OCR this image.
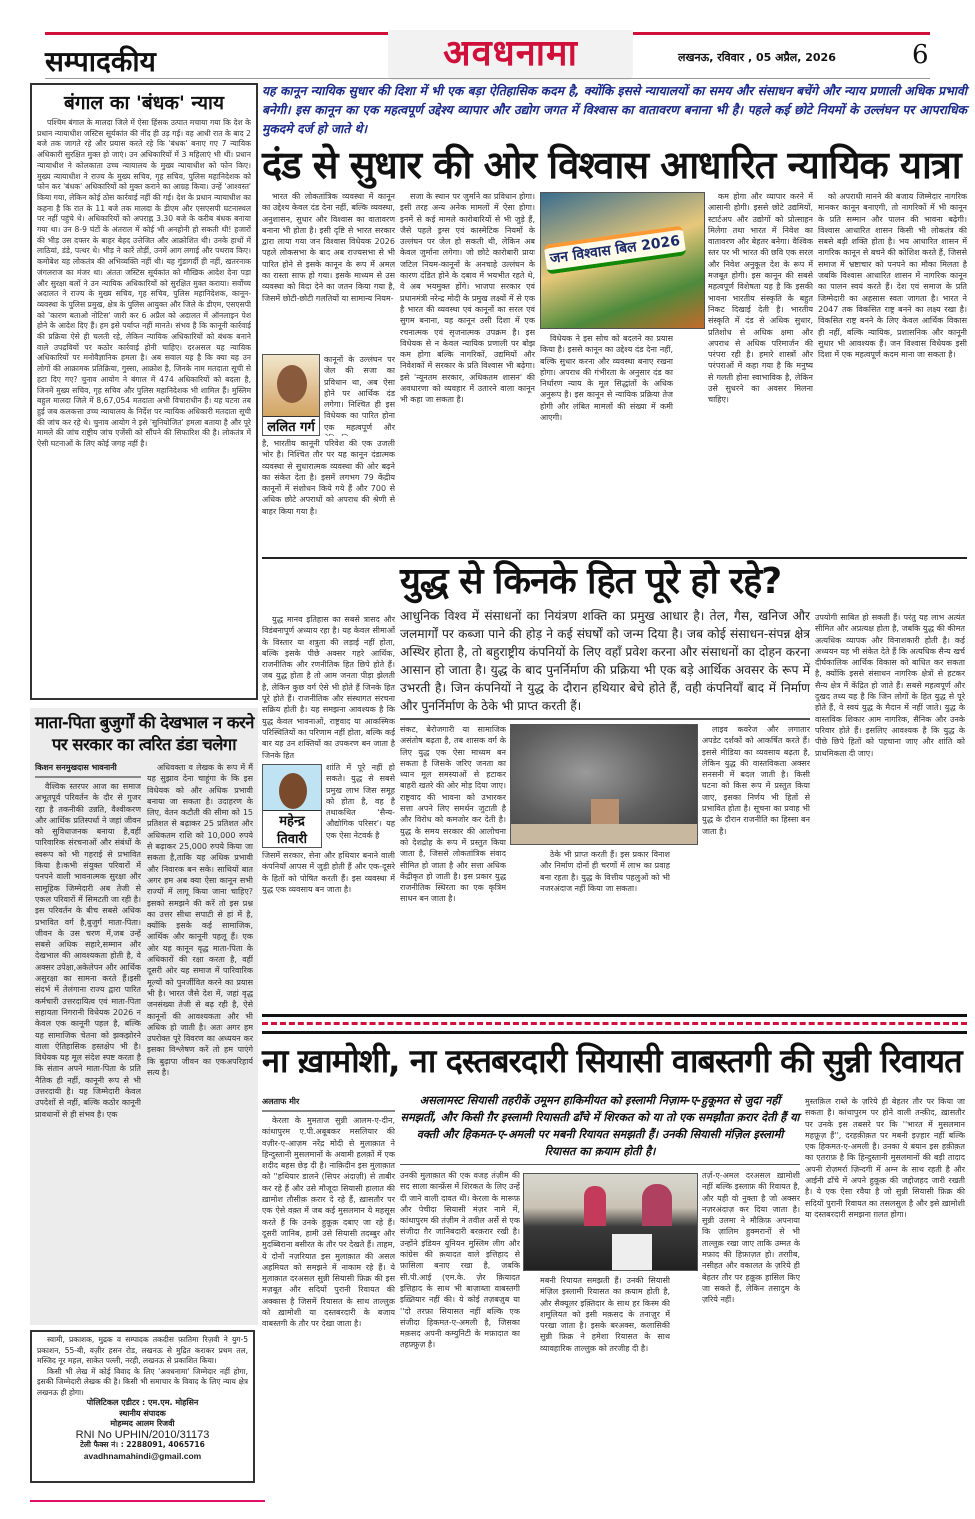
सम्पादकीय	अवधनामा	लखनऊ, रविवार , 05 अप्रैल, 2026	6
बंगाल का 'बंधक' न्याय

पश्चिम बंगाल के मालदा जिले में ऐसा हिंसक उत्पात मचाया गया कि देश के प्रधान न्यायाधीश जस्टिस सूर्यकांत की नींद ही उड़ गई। वह आधी रात के बाद 2 बजे तक जागते रहे और प्रयास करते रहे कि 'बंधक' बनाए गए 7 न्यायिक अधिकारी सुरक्षित मुक्त हो जाएं। उन अधिकारियों में 3 महिलाएं भी थीं। प्रधान न्यायाधीश ने कोलकाता उच्च न्यायालय के मुख्य न्यायाधीश को फोन किए। मुख्य न्यायाधीश ने राज्य के मुख्य सचिव, गृह सचिव, पुलिस महानिदेशक को फोन कर 'बंधक' अधिकारियों को मुक्त कराने का आग्रह किया। उन्हें 'आश्वस्त' किया गया, लेकिन कोई ठोस कार्रवाई नहीं की गई। देश के प्रधान न्यायाधीश का कहना है कि रात के 11 बजे तक मालदा के डीएम और एसएसपी घटनास्थल पर नहीं पहुंचे थे। अधिकारियों को अपराह्न 3.30 बजे के करीब बंधक बनाया गया था। उन 8-9 घंटों के अंतराल में कोई भी अनहोनी हो सकती थी! हजारों की भीड़ उस दफ्तर के बाहर बेहद उत्तेजित और आक्रोशित थी। उनके हाथों में लाठियां, डंडे, पत्थर थे। भीड़ ने कारें तोड़ीं, उनमें आग लगाई और पथराव किए। कमोबेश यह लोकतंत्र की अभिव्यक्ति नहीं थी। यह गुंडागर्दी ही नहीं, खतरनाक जंगलराज का मंजर था। अंततः जस्टिस सूर्यकांत को मौखिक आदेश देना पड़ा और सुरक्षा बलों ने उन न्यायिक अधिकारियों को सुरक्षित मुक्त कराया। सर्वोच्च अदालत ने राज्य के मुख्य सचिव, गृह सचिव, पुलिस महानिदेशक, कानून-व्यवस्था के पुलिस प्रमुख, क्षेत्र के पुलिस आयुक्त और जिले के डीएम, एसएसपी को 'कारण बताओ नोटिस' जारी कर 6 अप्रैल को अदालत में ऑनलाइन पेश होने के आदेश दिए हैं। हम इसे पर्याप्त नहीं मानते। संभव है कि कानूनी कार्रवाई की प्रक्रिया ऐसे ही चलती रहे, लेकिन न्यायिक अधिकारियों को बंधक बनाने वाले उपद्रवियों पर कठोर कार्रवाई होनी चाहिए। दरअसल यह न्यायिक अधिकारियों पर मनोवैज्ञानिक हमला है। अब सवाल यह है कि क्या यह उन लोगों की आक्रामक प्रतिक्रिया, गुस्सा, आक्रोश है, जिनके नाम मतदाता सूची से हटा दिए गए? चुनाव आयोग ने बंगाल में 474 अधिकारियों को बदला है, जिनमें मुख्य सचिव, गृह सचिव और पुलिस महानिदेशक भी शामिल हैं। मुस्लिम बहुल मालदा जिले में 8,67,054 मतदाता अभी विचाराधीन हैं। यह घटना तब हुई जब कलकत्ता उच्च न्यायालय के निर्देश पर न्यायिक अधिकारी मतदाता सूची की जांच कर रहे थे। चुनाव आयोग ने इसे 'सुनियोजित' हमला बताया है और पूरे मामले की जांच राष्ट्रीय जांच एजेंसी को सौंपने की सिफारिश की है। लोकतंत्र में ऐसी घटनाओं के लिए कोई जगह नहीं है।

माता-पिता बुजुर्गों की देखभाल न करने
पर सरकार का त्वरित डंडा चलेगा
किशन सनमुखदास भावनानी

वैश्विक स्तरपर आज का समाज अभूतपूर्व परिवर्तन के दौर से गुजर रहा है तकनीकी उन्नति, वैश्वीकरण और आर्थिक प्रतिस्पर्धा ने जहां जीवन को सुविधाजनक बनाया है,वहीं पारिवारिक संरचनाओं और संबंधों के स्वरूप को भी गहराई से प्रभावित किया है।कभी संयुक्त परिवारों में पनपने वाली भावनात्मक सुरक्षा और सामूहिक जिम्मेदारी अब तेजी से एकल परिवारों में सिमटती जा रही है। इस परिवर्तन के बीच सबसे अधिक प्रभावित वर्ग है,बुजुर्ग माता-पिता। जीवन के उस चरण में,जब उन्हें सबसे अधिक सहारे,सम्मान और देखभाल की आवश्यकता होती है, वे अक्सर उपेक्षा,अकेलेपन और आर्थिक असुरक्षा का सामना करते हैं।इसी संदर्भ में तेलंगाना राज्य द्वारा पारित कर्मचारी उत्तरदायित्व एवं माता-पिता सहायता निगरानी विधेयक 2026 न केवल एक कानूनी पहल है, बल्कि यह सामाजिक चेतना को झकझोरने वाला ऐतिहासिक हस्तक्षेप भी है। विधेयक यह मूल संदेश स्पष्ट करता है कि संतान अपने माता-पिता के प्रति नैतिक ही नहीं, कानूनी रूप से भी उत्तरदायी है। यह जिम्मेदारी केवल उपदेशों से नहीं, बल्कि कठोर कानूनी प्रावधानों से ही संभव है। एक

अधिवक्ता व लेखक के रूप में मैं यह सुझाव देना चाहूंगा के कि इस विधेयक को और अधिक प्रभावी बनाया जा सकता है। उदाहरण के लिए, वेतन कटौती की सीमा को 15 प्रतिशत से बढ़ाकर 25 प्रतिशत और अधिकतम राशि को 10,000 रुपये से बढ़ाकर 25,000 रुपये किया जा सकता है,ताकि यह अधिक प्रभावी और निवारक बन सके। साथियों बात अगर हम अब क्या ऐसा कानून सभी राज्यों में लागू किया जाना चाहिए? इसको समझने की करें तो इस प्रश्न का उत्तर सीधा सपाटी से हां में है, क्योंकि इसके कई सामाजिक, आर्थिक और कानूनी पहलू हैं। एक ओर यह कानून वृद्ध माता-पिता के अधिकारों की रक्षा करता है, वहीं दूसरी ओर यह समाज में पारिवारिक मूल्यों को पुनर्जीवित करने का प्रयास भी है। भारत जैसे देश में, जहां वृद्ध जनसंख्या तेजी से बढ़ रही है, ऐसे कानूनों की आवश्यकता और भी अधिक हो जाती है। अतः अगर हम उपरोक्त पूरे विवरण का अध्ययन कर इसका विश्लेषण करें तो हम पाएंगे कि बुढ़ापा जीवन का एकअपरिहार्य सत्य है।

स्वामी, प्रकाशक, मुद्रक व सम्पादक तकदीस फ़ातिमा रिज़वी ने युग-5 प्रकाशन, 55-बी, वज़ीर हसन रोड, लखनऊ से मुद्रित कराकर प्रथम तल, मस्जिद नूर महल, साकेत पल्ली, नरही, लखनऊ से प्रकाशित किया।

किसी भी लेख में कोई विवाद के लिए 'अवधनामा' जिम्मेदार नहीं होगा, इसकी जिम्मेदारी लेखक की है। किसी भी समाचार के विवाद के लिए न्याय क्षेत्र लखनऊ ही होगा।

पोलिटिकल एडीटर : एम.एम. मोहसिन
स्थानीय संपादक
मोहम्मद आलम रिजवी
RNI No UPHIN/2010/31173
टेली फैक्स नं। : 2288091, 4065716
avadhnamahindi@gmail.com
यह कानून न्यायिक सुधार की दिशा में भी एक बड़ा ऐतिहासिक कदम है, क्योंकि इससे न्यायालयों का समय और संसाधन बचेंगे और न्याय प्रणाली अधिक प्रभावी बनेगी। इस कानून का एक महत्वपूर्ण उद्देश्य व्यापार और उद्योग जगत में विश्वास का वातावरण बनाना भी है। पहले कई छोटे नियमों के उल्लंघन पर आपराधिक मुकदमे दर्ज हो जाते थे।
दंड से सुधार की ओर विश्वास आधारित न्यायिक यात्रा

भारत की लोकतांत्रिक व्यवस्था में कानून का उद्देश्य केवल दंड देना नहीं, बल्कि व्यवस्था, अनुशासन, सुधार और विश्वास का वातावरण बनाना भी होता है। इसी दृष्टि से भारत सरकार द्वारा लाया गया जन विश्वास विधेयक 2026 पहले लोकसभा के बाद अब राज्यसभा से भी पारित होने से इसके कानून के रूप में अमल का रास्ता साफ हो गया। इसके माध्यम से उस व्यवस्था को विदा देने का जतन किया गया है, जिसमें छोटी-छोटी गलतियों या सामान्य नियम-

ललित गर्ग

कानूनों के उल्लंघन पर जेल की सजा का प्रविधान था, अब ऐसा होने पर आर्थिक दंड लगेगा। निश्चित ही इस विधेयक का पारित होना एक महत्वपूर्ण और

है, भारतीय कानूनी परिवेश की एक उजली भोर है। निश्चित तौर पर यह कानून दंडात्मक व्यवस्था से सुधारात्मक व्यवस्था की ओर बढ़ने का संकेत देता है। इसमें लगभग 79 केंद्रीय कानूनों में संशोधन किये गये हैं और 700 से अधिक छोटे अपराधों को अपराध की श्रेणी से बाहर किया गया है।

सजा के स्थान पर जुर्माने का प्रविधान होगा। इसी तरह अन्य अनेक मामलों में ऐसा होगा। इनमें से कई मामले कारोबारियों से भी जुड़े हैं, जैसे पहले ड्रग्स एवं कास्मेटिक नियमों के उल्लंघन पर जेल हो सकती थी, लेकिन अब केवल जुर्माना लगेगा। जो छोटे कारोबारी प्रायः जटिल नियम-कानूनों के अनचाहे उल्लंघन के कारण दंडित होने के दबाव में भयभीत रहते थे, वे अब भयमुक्त होंगे। भाजपा सरकार एवं प्रधानमंत्री नरेन्द्र मोदी के प्रमुख लक्ष्यों में से एक है भारत की व्यवस्था एवं कानूनों का सरल एवं सुगम बनाना, यह कानून उसी दिशा में एक रचनात्मक एवं सृजनात्मक उपक्रम है। इस विधेयक से न केवल न्यायिक प्रणाली पर बोझ कम होगा बल्कि नागरिकों, उद्यमियों और निवेशकों में सरकार के प्रति विश्वास भी बढ़ेगा। इसे 'न्यूनतम सरकार, अधिकतम शासन' की अवधारणा को व्यवहार में उतारने वाला कानून भी कहा जा सकता है।

जन विश्वास बिल 2026

विधेयक ने इस सोच को बदलने का प्रयास किया है। इससे कानून का उद्देश्य दंड देना नहीं, बल्कि सुधार करना और व्यवस्था बनाए रखना होगा। अपराध की गंभीरता के अनुसार दंड का निर्धारण न्याय के मूल सिद्धांतों के अधिक अनुरूप है। इस कानून से न्यायिक प्रक्रिया तेज होगी और लंबित मामलों की संख्या में कमी आएगी।

कम होगा और व्यापार करने में आसानी होगी। इससे छोटे उद्यमियों, स्टार्टअप और उद्योगों को प्रोत्साहन मिलेगा तथा भारत में निवेश का वातावरण और बेहतर बनेगा। वैश्विक स्तर पर भी भारत की छवि एक सरल और निवेश अनुकूल देश के रूप में मजबूत होगी। इस कानून की सबसे महत्वपूर्ण विशेषता यह है कि इसकी भावना भारतीय संस्कृति के बहुत निकट दिखाई देती है। भारतीय संस्कृति में दंड से अधिक सुधार, प्रतिशोध से अधिक क्षमा और अपराध से अधिक परिमार्जन की परंपरा रही है। हमारे शास्त्रों और परंपराओं में कहा गया है कि मनुष्य से गलती होना स्वाभाविक है, लेकिन उसे सुधरने का अवसर मिलना चाहिए।

को अपराधी मानने की बजाय जिम्मेदार नागरिक मानकर कानून बनाएगी, तो नागरिकों में भी कानून के प्रति सम्मान और पालन की भावना बढ़ेगी। विश्वास आधारित शासन किसी भी लोकतंत्र की सबसे बड़ी शक्ति होता है। भय आधारित शासन में नागरिक कानून से बचने की कोशिश करते हैं, जिससे समाज में भ्रष्टाचार को पनपने का मौका मिलता है जबकि विश्वास आधारित शासन में नागरिक कानून का पालन स्वयं करते हैं। देश एवं समाज के प्रति जिम्मेदारी का अहसास स्वतः जागता है। भारत ने 2047 तक विकसित राष्ट्र बनने का लक्ष्य रखा है। विकसित राष्ट्र बनने के लिए केवल आर्थिक विकास ही नहीं, बल्कि न्यायिक, प्रशासनिक और कानूनी सुधार भी आवश्यक हैं। जन विश्वास विधेयक इसी दिशा में एक महत्वपूर्ण कदम माना जा सकता है।

युद्ध से किनके हित पूरे हो रहे?

युद्ध मानव इतिहास का सबसे त्रासद और विडंबनापूर्ण अध्याय रहा है। यह केवल सीमाओं के विस्तार या शत्रुता की लड़ाई नहीं होता, बल्कि इसके पीछे अक्सर गहरे आर्थिक, राजनीतिक और रणनीतिक हित छिपे होते हैं। जब युद्ध होता है तो आम जनता पीड़ा झेलती है, लेकिन कुछ वर्ग ऐसे भी होते हैं जिनके हित पूरे होते हैं। राजनीतिक और संस्थागत संरचना सक्रिय होती है। यह समझना आवश्यक है कि युद्ध केवल भावनाओं, राष्ट्रवाद या आकस्मिक परिस्थितियों का परिणाम नहीं होता, बल्कि कई बार यह उन शक्तियों का उपकरण बन जाता है जिनके हित

महेन्द्र तिवारी

शांति में पूरे नहीं हो सकते। युद्ध से सबसे प्रमुख लाभ जिस समूह को होता है, वह है तथाकथित 'सैन्य-औद्योगिक परिसर'। यह एक ऐसा नेटवर्क है

जिसमें सरकार, सेना और हथियार बनाने वाली कंपनियाँ आपस में जुड़ी होती हैं और एक-दूसरे के हितों को पोषित करती हैं। इस व्यवस्था में युद्ध एक व्यवसाय बन जाता है।

आधुनिक विश्व में संसाधनों का नियंत्रण शक्ति का प्रमुख आधार है। तेल, गैस, खनिज और जलमार्गों पर कब्जा पाने की होड़ ने कई संघर्षों को जन्म दिया है। जब कोई संसाधन-संपन्न क्षेत्र अस्थिर होता है, तो बहुराष्ट्रीय कंपनियों के लिए वहाँ प्रवेश करना और संसाधनों का दोहन करना आसान हो जाता है। युद्ध के बाद पुनर्निर्माण की प्रक्रिया भी एक बड़े आर्थिक अवसर के रूप में उभरती है। जिन कंपनियों ने युद्ध के दौरान हथियार बेचे होते हैं, वही कंपनियाँ बाद में निर्माण और पुनर्निर्माण के ठेके भी प्राप्त करती हैं।

संकट, बेरोजगारी या सामाजिक असंतोष बढ़ता है, तब शासक वर्ग के लिए युद्ध एक ऐसा माध्यम बन सकता है जिसके जरिए जनता का ध्यान मूल समस्याओं से हटाकर बाहरी खतरे की ओर मोड़ दिया जाए। राष्ट्रवाद की भावना को उभारकर सत्ता अपने लिए समर्थन जुटाती है और विरोध को कमजोर कर देती है। युद्ध के समय सरकार की आलोचना को देशद्रोह के रूप में प्रस्तुत किया जाता है, जिससे लोकतांत्रिक संवाद सीमित हो जाता है और सत्ता अधिक केंद्रीकृत हो जाती है। इस प्रकार युद्ध राजनीतिक स्थिरता का एक कृत्रिम साधन बन जाता है।

ठेके भी प्राप्त करती हैं। इस प्रकार विनाश और निर्माण दोनों ही चरणों में लाभ का प्रवाह बना रहता है। युद्ध के वित्तीय पहलुओं को भी नजरअंदाज नहीं किया जा सकता।

लाइव कवरेज और लगातार अपडेट दर्शकों को आकर्षित करते हैं। इससे मीडिया का व्यवसाय बढ़ता है, लेकिन युद्ध की वास्तविकता अक्सर सनसनी में बदल जाती है। किसी घटना को किस रूप में प्रस्तुत किया जाए, इसका निर्णय भी हितों से प्रभावित होता है। सूचना का प्रवाह भी युद्ध के दौरान राजनीति का हिस्सा बन जाता है।

उपयोगी साबित हो सकती हैं। परंतु यह लाभ अत्यंत सीमित और अप्रत्यक्ष होता है, जबकि युद्ध की कीमत अत्यधिक व्यापक और विनाशकारी होती है। कई अध्ययन यह भी संकेत देते हैं कि अत्यधिक सैन्य खर्च दीर्घकालिक आर्थिक विकास को बाधित कर सकता है, क्योंकि इससे संसाधन नागरिक क्षेत्रों से हटकर सैन्य क्षेत्र में केंद्रित हो जाते हैं। सबसे महत्वपूर्ण और दुखद तथ्य यह है कि जिन लोगों के हित युद्ध से पूरे होते हैं, वे स्वयं युद्ध के मैदान में नहीं जाते। युद्ध के वास्तविक शिकार आम नागरिक, सैनिक और उनके परिवार होते हैं। इसलिए आवश्यक है कि युद्ध के पीछे छिपे हितों को पहचाना जाए और शांति को प्राथमिकता दी जाए।

ना ख़ामोशी, ना दस्तबरदारी सियासी वाबस्तगी की सुन्नी रिवायत
अलताफ मीर

केरला के मुमताज सुन्नी आलम-ए-दीन, कांथापुरम ए.पी.अबूबकर मसलियार की वज़ीर-ए-आज़म नरेंद्र मोदी से मुलाक़ात ने हिन्दुस्तानी मुसलमानों के अवामी हलक़ों में एक शदीद बहस छेड़ दी है। नाक़िदीन इस मुलाक़ात को ''हथियार डालने (सिपर अंदाज़ी) से ताबीर कर रहे हैं और उसे मौजूदा सियासी हालात की ख़ामोश तौसीक़ क़रार दे रहे हैं, ख़ासतौर पर एक ऐसे वक़्त में जब कई मुसलमान ये महसूस करते हैं कि उनके हुक़ूक़ दबाए जा रहे हैं। दूसरी जानिब, हामी उसे सियासी तदब्बुर और मुदब्बिराना बसीरत के तौर पर देखते हैं। ताहम, ये दोनों नज़रियात इस मुलाक़ात की असल अहमियत को समझने में नाकाम रहे हैं। ये मुलाक़ात दरअसल सुन्नी सियासी फ़िक्र की इस मज़बूत और सदियों पुरानी रिवायत की अक्कास है जिसमें रियासत के साथ ताल्लुक़ को ख़ामोशी या दस्तबरदारी के बजाय वाबस्तगी के तौर पर देखा जाता है।

असलामस्ट सियासी तहरीकें उमूमन हाकिमीयत को इस्लामी निज़ाम-ए-हुकूमत से जुदा नहीं समझतीं, और किसी ग़ैर इस्लामी रियासती ढाँचे में शिरकत को या तो एक समझौता क़रार देती हैं या वक्ती और हिकमत-ए-अमली पर मबनी रियायत समझती हैं। उनकी सियासी मंज़िल इस्लामी रियासत का क़याम होती है।

उनकी मुलाक़ात की एक वजह तंज़ीम की सद साला कान्फ्रेंस में शिरकत के लिए उन्हें दी जाने वाली दावत थी। केरला के मारूफ़ और पेचीदा सियासी मंज़र नामे में, कांथापुरम की तंज़ीम ने तवील अर्से से एक संजीदा ग़ैर जानिबदारी बरक़रार रखी है। उन्होंने इंडियन यूनियन मुस्लिम लीग और कांग्रेस की क़यादत वाले इत्तिहाद से फ़ासिला बनाए रखा है, जबकि सी.पी.आई (एम.के. ज़ेर क़ियादत इत्तिहाद के साथ भी बाज़ाब्ता वाबस्तगी इख़्तियार नहीं की। ये कोई तज़बज़ुब या ''दो तरफ़ा सियासत नहीं बल्कि एक संजीदा हिकमत-ए-अमली है, जिसका मक़सद अपनी कम्युनिटी के मफ़ादात का तहफ़्फ़ुज़ है।

मबनी रियायत समझती हैं। उनकी सियासी मंज़िल इस्लामी रियासत का क़याम होती है, और सैक्यूलर इक़्तिदार के साथ हर किस्म की शमूलियत को इसी मक़सद के तनाज़ुर में परखा जाता है। इसके बरअक्स, कलासिकी सुन्नी फ़िक्र ने हमेशा रियासत के साथ व्यावहारिक ताल्लुक़ को तरजीह दी है।

तर्ज़-ए-अमल दरअसल ख़ामोशी नहीं बल्कि इस्लाफ़ की रिवायत है, और यही वो नुक्ता है जो अक्सर नज़रअंदाज़ कर दिया जाता है। सुन्नी उलमा ने मौक़िफ़ अपनाया कि ज़ालिम हुक्मरानों से भी ताल्लुक़ रखा जाए ताकि उम्मत के मफ़ाद की हिफ़ाज़त हो। तरग़ीब, नसीहत और वकालत के ज़रिये ही बेहतर तौर पर हक़ूक़ हासिल किए जा सकते हैं, लेकिन तसादुम के ज़रिये नहीं।

मुस्तक़िल राब्ते के ज़रिये ही बेहतर तौर पर किया जा सकता है। कांथापुरम पर होने वाली तन्क़ीद, ख़ासतौर पर उनके इस तबसरे पर कि ''भारत में मुसलमान महफ़ूज़ हैं'', दरहक़ीक़त पर मबनी इज़्हार नहीं बल्कि एक हिकमत-ए-अमली है। उनका ये बयान इस हक़ीक़त का एतराफ़ है कि हिन्दुस्तानी मुसलमानों की बड़ी तादाद अपनी रोज़मर्रा ज़िन्दगी में अम्न के साथ रहती है और आईनी ढाँचे में अपने हुक़ूक़ की जद्दोजहद जारी रखती है। ये एक ऐसा रवैया है जो सुन्नी सियासी फ़िक्र की सदियों पुरानी रिवायत का तसलसुल है और इसे ख़ामोशी या दस्तबरदारी समझना ग़लत होगा।
